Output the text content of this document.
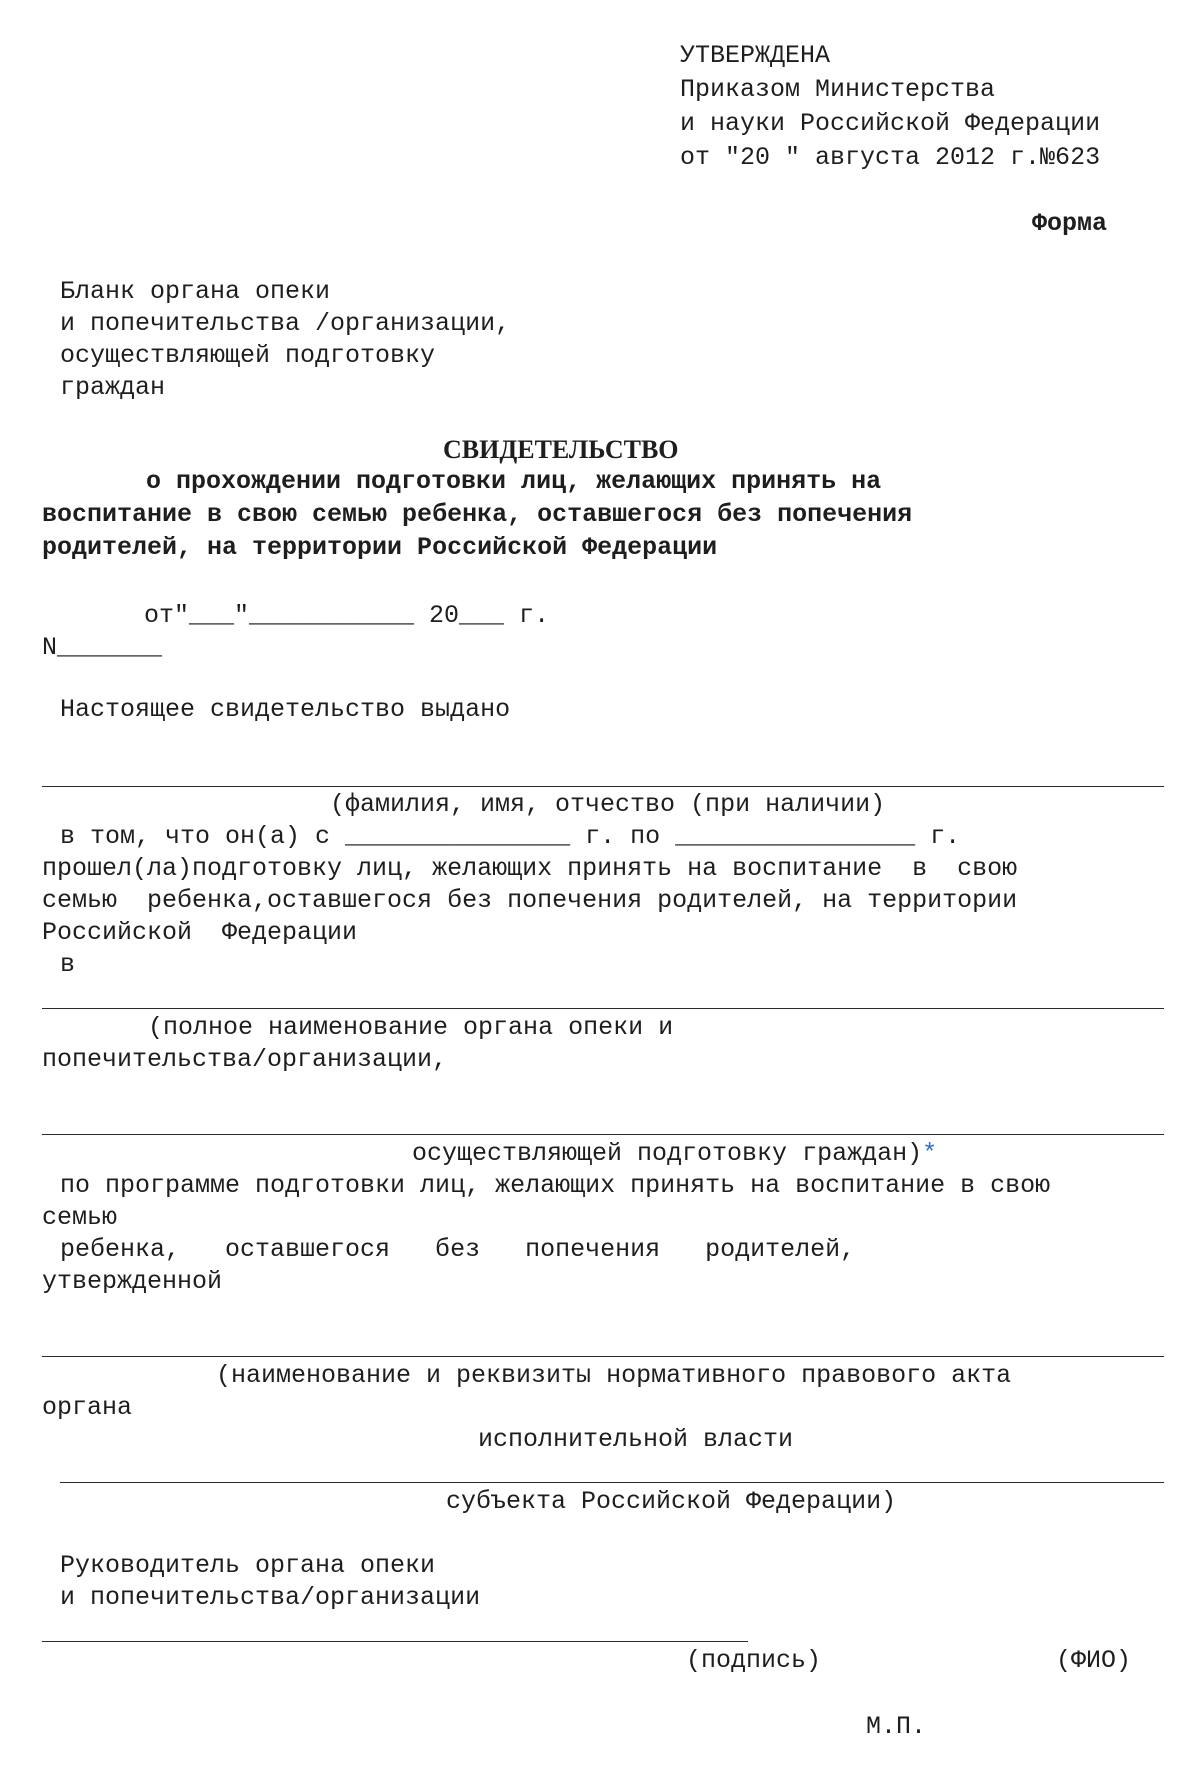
УТВЕРЖДЕНА
Приказом Министерства
и науки Российской Федерации
от "20 " августа 2012 г.№623
Форма
Бланк органа опеки
и попечительства /организации,
осуществляющей подготовку
граждан
СВИДЕТЕЛЬСТВО
о прохождении подготовки лиц, желающих принять на
воспитание в свою семью ребенка, оставшегося без попечения
родителей, на территории Российской Федерации
от"___"___________ 20___ г.
N_______
Настоящее свидетельство выдано
(фамилия, имя, отчество (при наличии)
в том, что он(а) с _______________ г. по ________________ г.
прошел(ла)подготовку лиц, желающих принять на воспитание  в  свою
семью  ребенка,оставшегося без попечения родителей, на территории
Российской  Федерации
в
(полное наименование органа опеки и
попечительства/организации,
осуществляющей подготовку граждан)*
по программе подготовки лиц, желающих принять на воспитание в свою
семью
ребенка,   оставшегося   без   попечения   родителей,
утвержденной
(наименование и реквизиты нормативного правового акта
органа
исполнительной власти
субъекта Российской Федерации)
Руководитель органа опеки
и попечительства/организации
(подпись)	(ФИО)
М.П.
